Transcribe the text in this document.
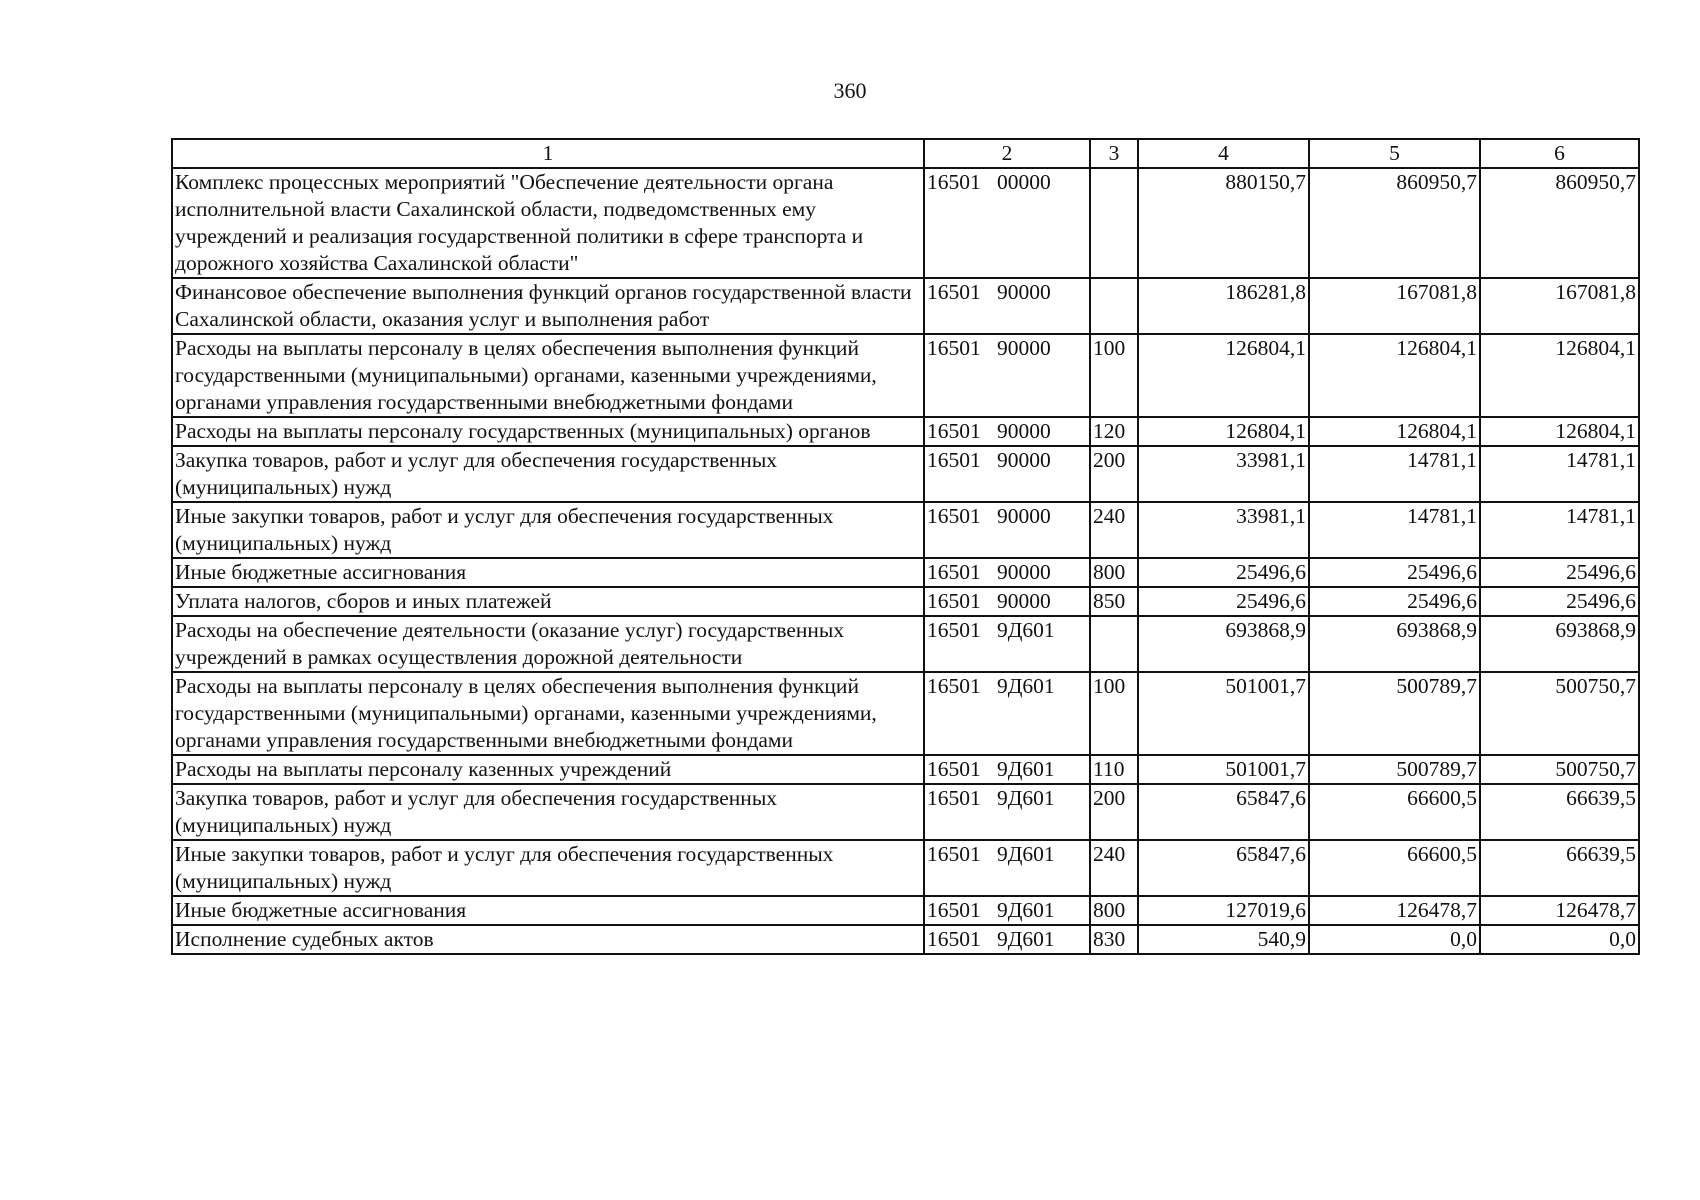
360
1	2	3	4	5	6
Комплекс процессных мероприятий "Обеспечение деятельности органа исполнительной власти Сахалинской области, подведомственных ему учреждений и реализация государственной политики в сфере транспорта и дорожного хозяйства Сахалинской области"	16501 00000		880150,7	860950,7	860950,7
Финансовое обеспечение выполнения функций органов государственной власти Сахалинской области, оказания услуг и выполнения работ	16501 90000		186281,8	167081,8	167081,8
Расходы на выплаты персоналу в целях обеспечения выполнения функций государственными (муниципальными) органами, казенными учреждениями, органами управления государственными внебюджетными фондами	16501 90000	100	126804,1	126804,1	126804,1
Расходы на выплаты персоналу государственных (муниципальных) органов	16501 90000	120	126804,1	126804,1	126804,1
Закупка товаров, работ и услуг для обеспечения государственных (муниципальных) нужд	16501 90000	200	33981,1	14781,1	14781,1
Иные закупки товаров, работ и услуг для обеспечения государственных (муниципальных) нужд	16501 90000	240	33981,1	14781,1	14781,1
Иные бюджетные ассигнования	16501 90000	800	25496,6	25496,6	25496,6
Уплата налогов, сборов и иных платежей	16501 90000	850	25496,6	25496,6	25496,6
Расходы на обеспечение деятельности (оказание услуг) государственных учреждений в рамках осуществления дорожной деятельности	16501 9Д601		693868,9	693868,9	693868,9
Расходы на выплаты персоналу в целях обеспечения выполнения функций государственными (муниципальными) органами, казенными учреждениями, органами управления государственными внебюджетными фондами	16501 9Д601	100	501001,7	500789,7	500750,7
Расходы на выплаты персоналу казенных учреждений	16501 9Д601	110	501001,7	500789,7	500750,7
Закупка товаров, работ и услуг для обеспечения государственных (муниципальных) нужд	16501 9Д601	200	65847,6	66600,5	66639,5
Иные закупки товаров, работ и услуг для обеспечения государственных (муниципальных) нужд	16501 9Д601	240	65847,6	66600,5	66639,5
Иные бюджетные ассигнования	16501 9Д601	800	127019,6	126478,7	126478,7
Исполнение судебных актов	16501 9Д601	830	540,9	0,0	0,0
